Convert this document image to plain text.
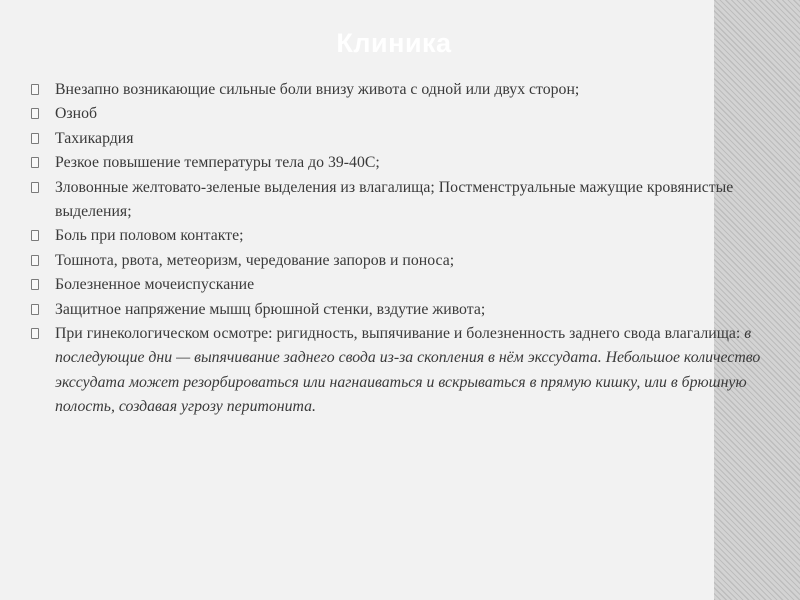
Клиника
Внезапно возникающие сильные боли внизу живота с одной или двух сторон;
Озноб
Тахикардия
Резкое повышение температуры тела до 39-40С;
Зловонные желтовато-зеленые выделения из влагалища; Постменструальные мажущие кровянистые выделения;
Боль при половом контакте;
Тошнота, рвота, метеоризм, чередование запоров и поноса;
Болезненное мочеиспускание
Защитное напряжение мышц брюшной стенки, вздутие живота;
При гинекологическом осмотре: ригидность, выпячивание и болезненность заднего свода влагалища: в последующие дни — выпячивание заднего свода из-за скопления в нём экссудата. Небольшое количество экссудата может резорбироваться или нагнаиваться и вскрываться в прямую кишку, или в брюшную полость, создавая угрозу перитонита.
